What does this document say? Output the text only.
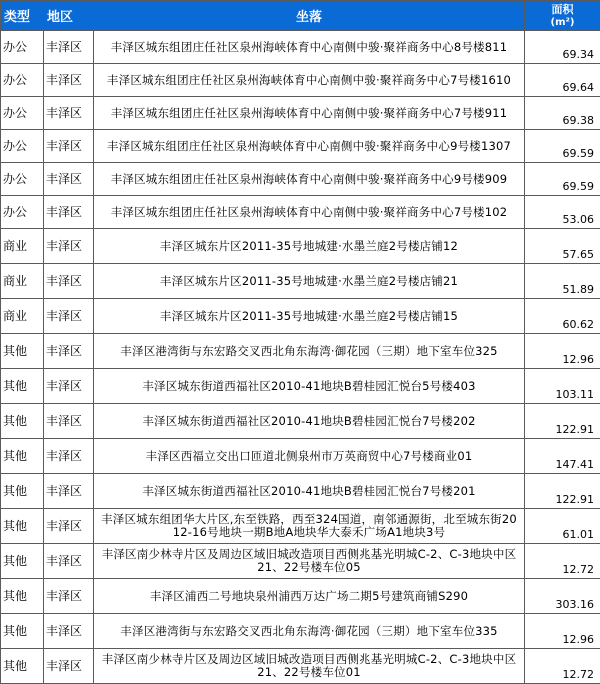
类型	地区	坐落	面积
(m²)

办公	丰泽区	丰泽区城东组团庄任社区泉州海峡体育中心南侧中骏·聚祥商务中心8号楼811	69.34
办公	丰泽区	丰泽区城东组团庄任社区泉州海峡体育中心南侧中骏·聚祥商务中心7号楼1610	69.64
办公	丰泽区	丰泽区城东组团庄任社区泉州海峡体育中心南侧中骏·聚祥商务中心7号楼911	69.38
办公	丰泽区	丰泽区城东组团庄任社区泉州海峡体育中心南侧中骏·聚祥商务中心9号楼1307	69.59
办公	丰泽区	丰泽区城东组团庄任社区泉州海峡体育中心南侧中骏·聚祥商务中心9号楼909	69.59
办公	丰泽区	丰泽区城东组团庄任社区泉州海峡体育中心南侧中骏·聚祥商务中心7号楼102	53.06
商业	丰泽区	丰泽区城东片区2011-35号地城建·水墨兰庭2号楼店铺12	57.65
商业	丰泽区	丰泽区城东片区2011-35号地城建·水墨兰庭2号楼店铺21	51.89
商业	丰泽区	丰泽区城东片区2011-35号地城建·水墨兰庭2号楼店铺15	60.62
其他	丰泽区	丰泽区港湾街与东宏路交叉西北角东海湾·御花园（三期）地下室车位325	12.96
其他	丰泽区	丰泽区城东街道西福社区2010-41地块B碧桂园汇悦台5号楼403	103.11
其他	丰泽区	丰泽区城东街道西福社区2010-41地块B碧桂园汇悦台7号楼202	122.91
其他	丰泽区	丰泽区西福立交出口匝道北侧泉州市万英商贸中心7号楼商业01	147.41
其他	丰泽区	丰泽区城东街道西福社区2010-41地块B碧桂园汇悦台7号楼201	122.91
其他	丰泽区	丰泽区城东组团华大片区,东至铁路，西至324国道，南邻通源街，北至城东街2012-16号地块一期B地A地块华大泰禾广场A1地块3号	61.01
其他	丰泽区	丰泽区南少林寺片区及周边区域旧城改造项目西侧兆基光明城C-2、C-3地块中区21、22号楼车位05	12.72
其他	丰泽区	丰泽区浦西二号地块泉州浦西万达广场二期5号建筑商铺S290	303.16
其他	丰泽区	丰泽区港湾街与东宏路交叉西北角东海湾·御花园（三期）地下室车位335	12.96
其他	丰泽区	丰泽区南少林寺片区及周边区域旧城改造项目西侧兆基光明城C-2、C-3地块中区21、22号楼车位01	12.72
